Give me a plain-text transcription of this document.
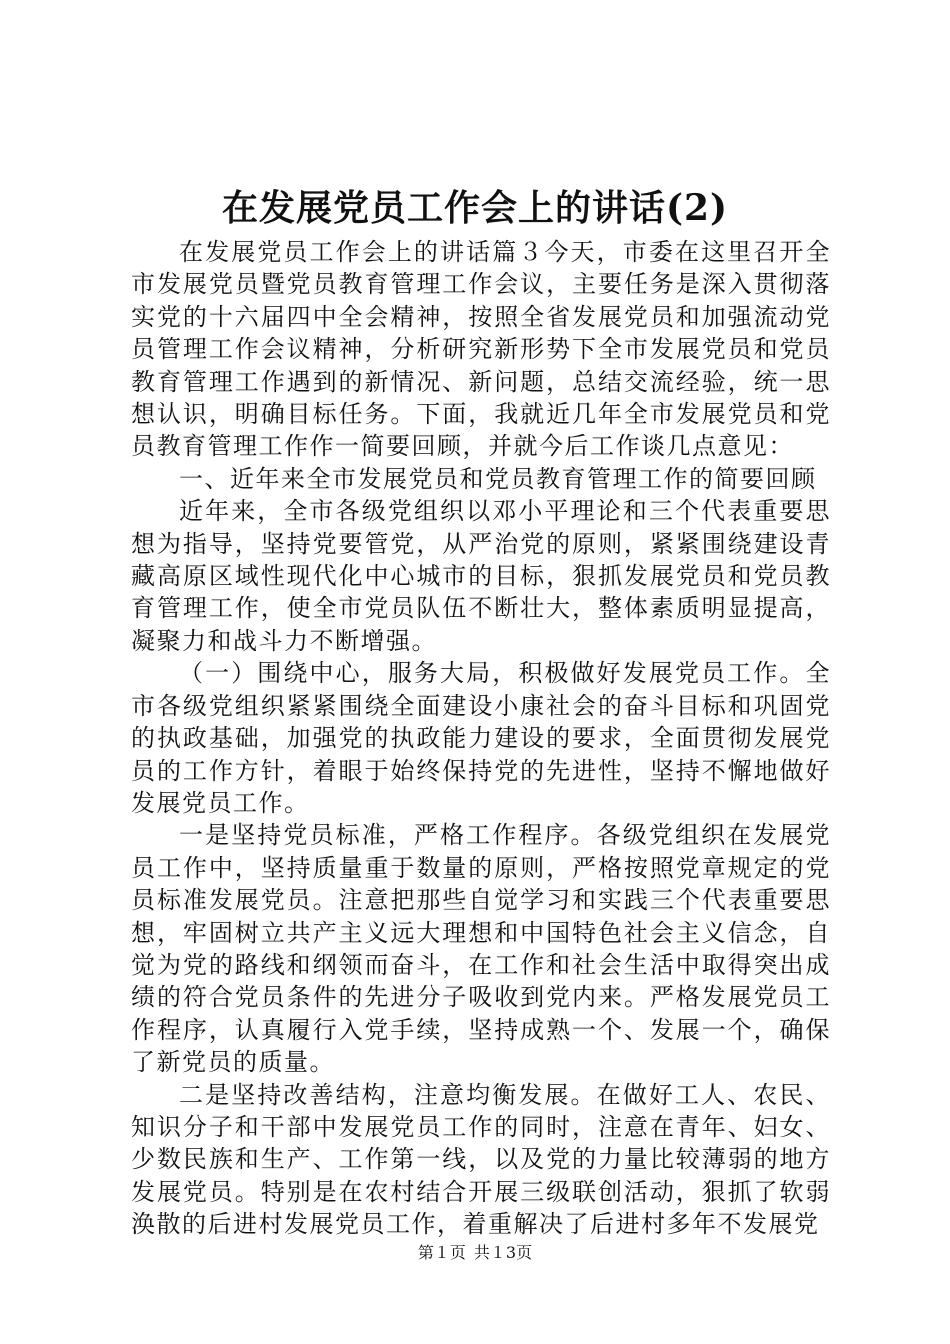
在发展党员工作会上的讲话(2)

在发展党员工作会上的讲话篇３今天，市委在这里召开全市发展党员暨党员教育管理工作会议，主要任务是深入贯彻落实党的十六届四中全会精神，按照全省发展党员和加强流动党员管理工作会议精神，分析研究新形势下全市发展党员和党员教育管理工作遇到的新情况、新问题，总结交流经验，统一思想认识，明确目标任务。下面，我就近几年全市发展党员和党员教育管理工作作一简要回顾，并就今后工作谈几点意见：

一、近年来全市发展党员和党员教育管理工作的简要回顾

近年来，全市各级党组织以邓小平理论和三个代表重要思想为指导，坚持党要管党，从严治党的原则，紧紧围绕建设青藏高原区域性现代化中心城市的目标，狠抓发展党员和党员教育管理工作，使全市党员队伍不断壮大，整体素质明显提高，凝聚力和战斗力不断增强。

（一）围绕中心，服务大局，积极做好发展党员工作。全市各级党组织紧紧围绕全面建设小康社会的奋斗目标和巩固党的执政基础，加强党的执政能力建设的要求，全面贯彻发展党员的工作方针，着眼于始终保持党的先进性，坚持不懈地做好发展党员工作。

一是坚持党员标准，严格工作程序。各级党组织在发展党员工作中，坚持质量重于数量的原则，严格按照党章规定的党员标准发展党员。注意把那些自觉学习和实践三个代表重要思想，牢固树立共产主义远大理想和中国特色社会主义信念，自觉为党的路线和纲领而奋斗，在工作和社会生活中取得突出成绩的符合党员条件的先进分子吸收到党内来。严格发展党员工作程序，认真履行入党手续，坚持成熟一个、发展一个，确保了新党员的质量。

二是坚持改善结构，注意均衡发展。在做好工人、农民、知识分子和干部中发展党员工作的同时，注意在青年、妇女、少数民族和生产、工作第一线，以及党的力量比较薄弱的地方发展党员。特别是在农村结合开展三级联创活动，狠抓了软弱涣散的后进村发展党员工作，着重解决了后进村多年不发展党

第１页 共１3页
